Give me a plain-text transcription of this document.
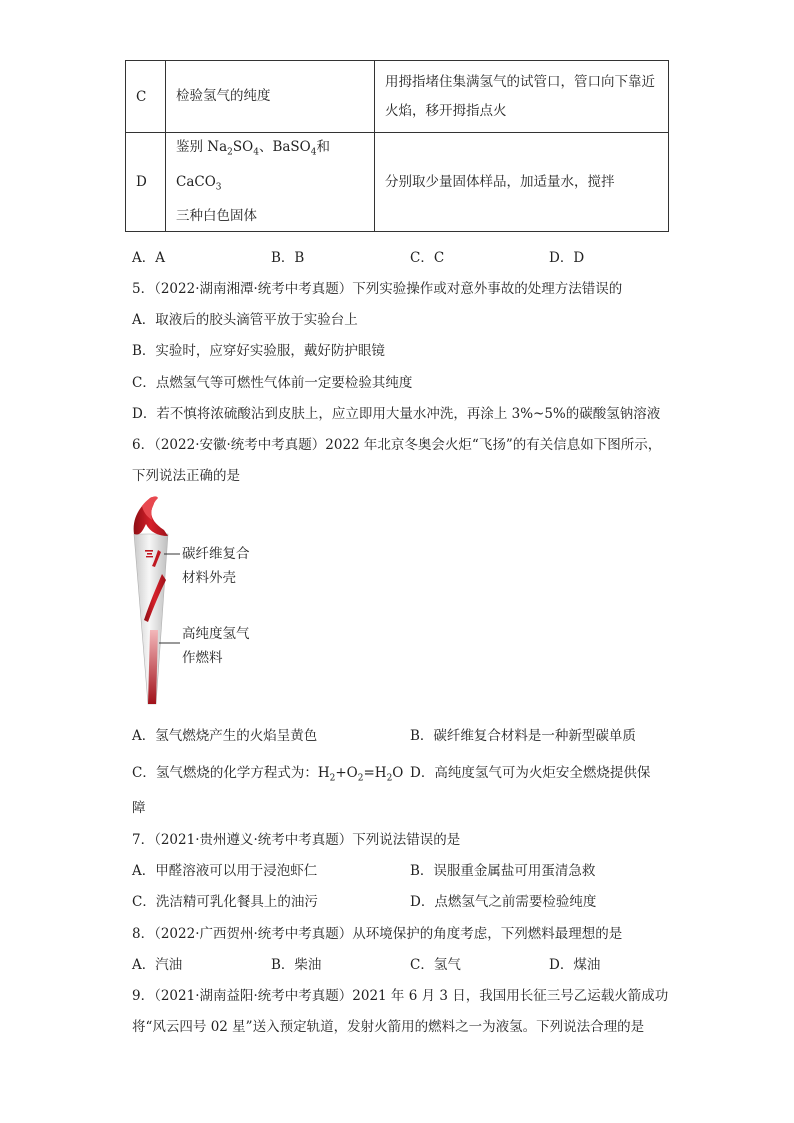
C	检验氢气的纯度	用拇指堵住集满氢气的试管口，管口向下靠近
火焰，移开拇指点火

D	鉴别 $Na_2SO_4$、BaSO$_4$和 CaCO$_3$
三种白色固体	分别取少量固体样品，加适量水，搅拌
A．A	B．B	C．C	D．D
5．（2022·湖南湘潭·统考中考真题）下列实验操作或对意外事故的处理方法错误的
A．取液后的胶头滴管平放于实验台上
B．实验时，应穿好实验服，戴好防护眼镜
C．点燃氢气等可燃性气体前一定要检验其纯度
D．若不慎将浓硫酸沾到皮肤上，应立即用大量水冲洗，再涂上 3%~5%的碳酸氢钠溶液
6．（2022·安徽·统考中考真题）2022 年北京冬奥会火炬“飞扬”的有关信息如下图所示，
下列说法正确的是
碳纤维复合
材料外壳
高纯度氢气
作燃料
A．氢气燃烧产生的火焰呈黄色	B．碳纤维复合材料是一种新型碳单质
C．氢气燃烧的化学方程式为：$H_2+O_2=H_2O$ D．高纯度氢气可为火炬安全燃烧提供保
障
7．（2021·贵州遵义·统考中考真题）下列说法错误的是
A．甲醛溶液可以用于浸泡虾仁	B．误服重金属盐可用蛋清急救
C．洗洁精可乳化餐具上的油污	D．点燃氢气之前需要检验纯度
8．（2022·广西贺州·统考中考真题）从环境保护的角度考虑，下列燃料最理想的是
A．汽油	B．柴油	C．氢气	D．煤油
9．（2021·湖南益阳·统考中考真题）2021 年 6 月 3 日，我国用长征三号乙运载火箭成功
将“风云四号 02 星”送入预定轨道，发射火箭用的燃料之一为液氢。下列说法合理的是
